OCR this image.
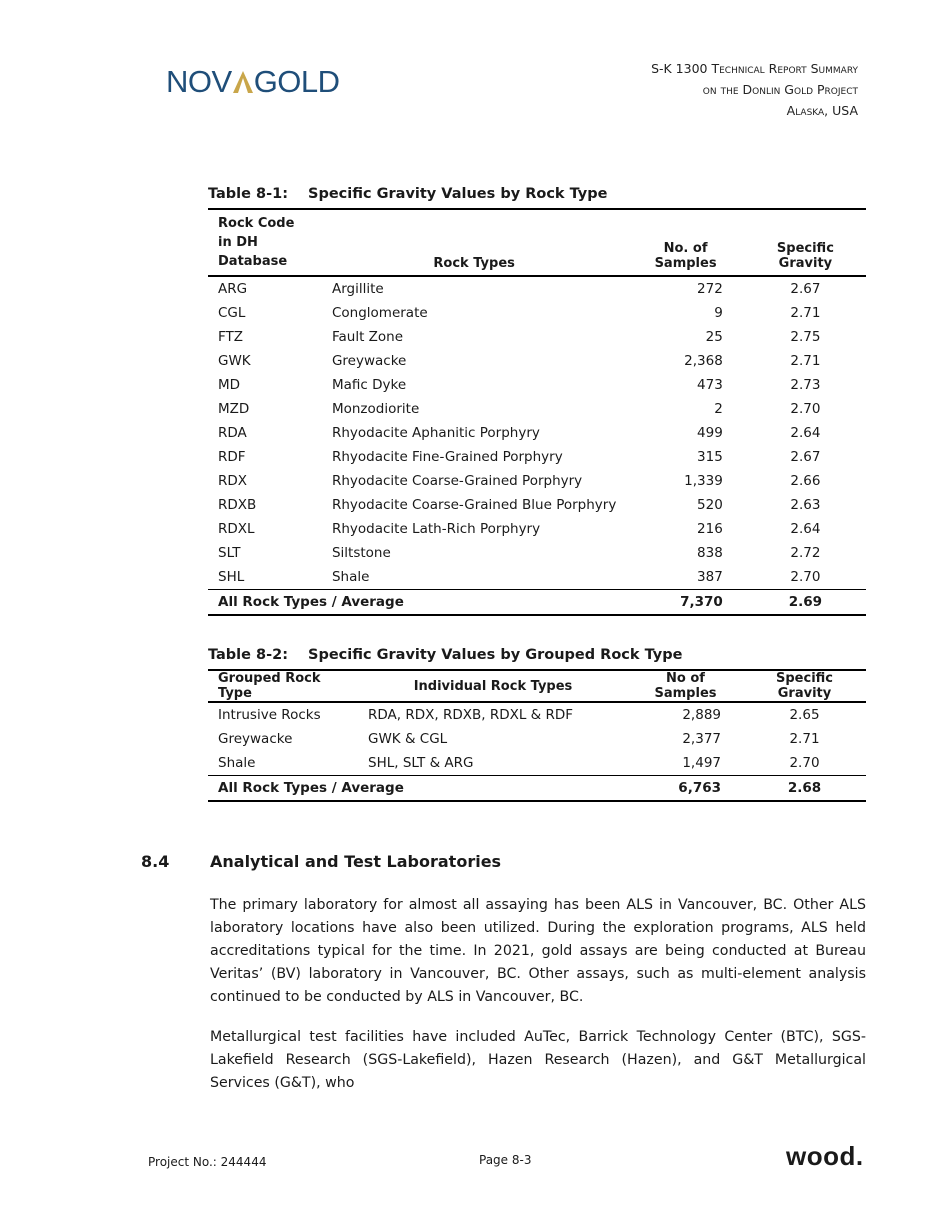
NOV GOLD	S-K 1300 Technical Report Summary
on the Donlin Gold Project
Alaska, USA
Table 8-1: Specific Gravity Values by Rock Type
Rock Code in DH Database	Rock Types	No. of Samples	Specific Gravity
ARG	Argillite	272	2.67
CGL	Conglomerate	9	2.71
FTZ	Fault Zone	25	2.75
GWK	Greywacke	2,368	2.71
MD	Mafic Dyke	473	2.73
MZD	Monzodiorite	2	2.70
RDA	Rhyodacite Aphanitic Porphyry	499	2.64
RDF	Rhyodacite Fine-Grained Porphyry	315	2.67
RDX	Rhyodacite Coarse-Grained Porphyry	1,339	2.66
RDXB	Rhyodacite Coarse-Grained Blue Porphyry	520	2.63
RDXL	Rhyodacite Lath-Rich Porphyry	216	2.64
SLT	Siltstone	838	2.72
SHL	Shale	387	2.70
All Rock Types / Average		7,370	2.69
Table 8-2: Specific Gravity Values by Grouped Rock Type
Grouped Rock Type	Individual Rock Types	No of Samples	Specific Gravity
Intrusive Rocks	RDA, RDX, RDXB, RDXL & RDF	2,889	2.65
Greywacke	GWK & CGL	2,377	2.71
Shale	SHL, SLT & ARG	1,497	2.70
All Rock Types / Average		6,763	2.68
8.4	Analytical and Test Laboratories
The primary laboratory for almost all assaying has been ALS in Vancouver, BC. Other ALS laboratory locations have also been utilized. During the exploration programs, ALS held accreditations typical for the time. In 2021, gold assays are being conducted at Bureau Veritas’ (BV) laboratory in Vancouver, BC. Other assays, such as multi-element analysis continued to be conducted by ALS in Vancouver, BC.
Metallurgical test facilities have included AuTec, Barrick Technology Center (BTC), SGS-Lakefield Research (SGS-Lakefield), Hazen Research (Hazen), and G&T Metallurgical Services (G&T), who
Project No.: 244444	Page 8-3	wood.
